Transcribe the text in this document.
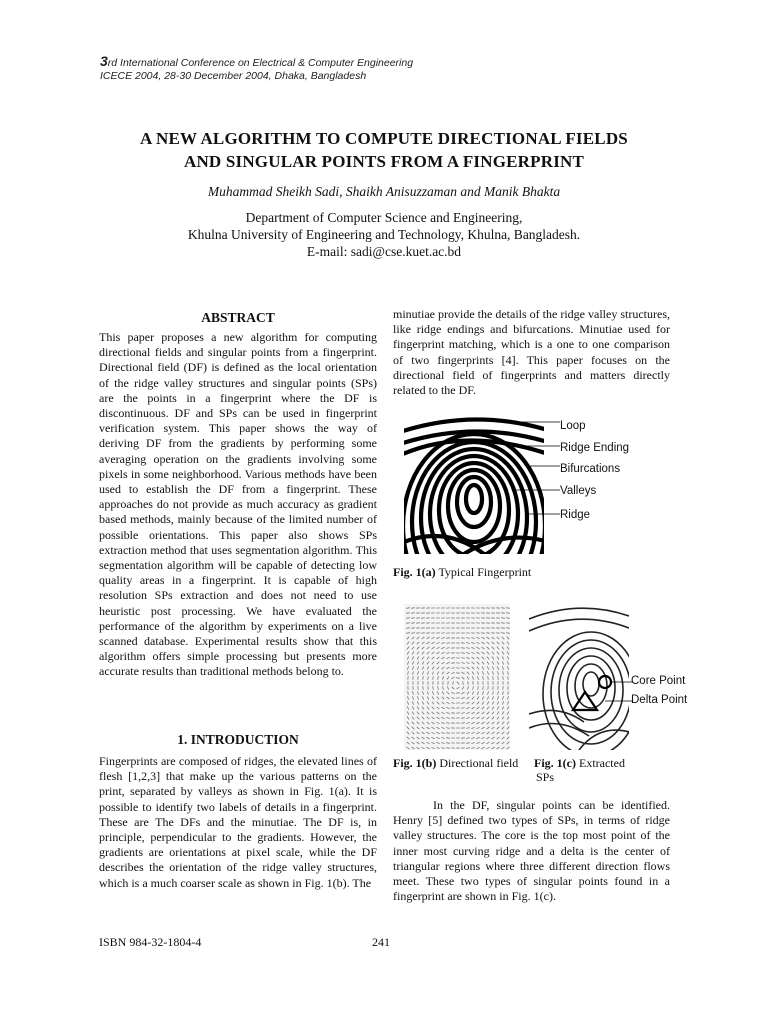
3rd International Conference on Electrical & Computer Engineering
ICECE 2004, 28-30 December 2004, Dhaka, Bangladesh
A NEW ALGORITHM TO COMPUTE DIRECTIONAL FIELDS
AND SINGULAR POINTS FROM A FINGERPRINT
Muhammad Sheikh Sadi, Shaikh Anisuzzaman and Manik Bhakta
Department of Computer Science and Engineering,
Khulna University of Engineering and Technology, Khulna, Bangladesh.
E-mail: sadi@cse.kuet.ac.bd
ABSTRACT

This paper proposes a new algorithm for computing directional fields and singular points from a fingerprint. Directional field (DF) is defined as the local orientation of the ridge valley structures and singular points (SPs) are the points in a fingerprint where the DF is discontinuous. DF and SPs can be used in fingerprint verification system. This paper shows the way of deriving DF from the gradients by performing some averaging operation on the gradients involving some pixels in some neighborhood. Various methods have been used to establish the DF from a fingerprint. These approaches do not provide as much accuracy as gradient based methods, mainly because of the limited number of possible orientations. This paper also shows SPs extraction method that uses segmentation algorithm. This segmentation algorithm will be capable of detecting low quality areas in a fingerprint. It is capable of high resolution SPs extraction and does not need to use heuristic post processing. We have evaluated the performance of the algorithm by experiments on a live scanned database. Experimental results show that this algorithm offers simple processing but presents more accurate results than traditional methods belong to.

1. INTRODUCTION

Fingerprints are composed of ridges, the elevated lines of flesh [1,2,3] that make up the various patterns on the print, separated by valleys as shown in Fig. 1(a). It is possible to identify two labels of details in a fingerprint. These are The DFs and the minutiae. The DF is, in principle, perpendicular to the gradients. However, the gradients are orientations at pixel scale, while the DF describes the orientation of the ridge valley structures, which is a much coarser scale as shown in Fig. 1(b). The

minutiae provide the details of the ridge valley structures, like ridge endings and bifurcations. Minutiae used for fingerprint matching, which is a one to one comparison of two fingerprints [4]. This paper focuses on the directional field of fingerprints and matters directly related to the DF.

Loop
Ridge Ending
Bifurcations
Valleys
Ridge
Fig. 1(a) Typical Fingerprint
Core Point
Delta Point
Fig. 1(b) Directional field Fig. 1(c) Extracted
SPs

In the DF, singular points can be identified. Henry [5] defined two types of SPs, in terms of ridge valley structures. The core is the top most point of the inner most curving ridge and a delta is the center of triangular regions where three different direction flows meet. These two types of singular points found in a fingerprint are shown in Fig. 1(c).

ISBN 984-32-1804-4	241
